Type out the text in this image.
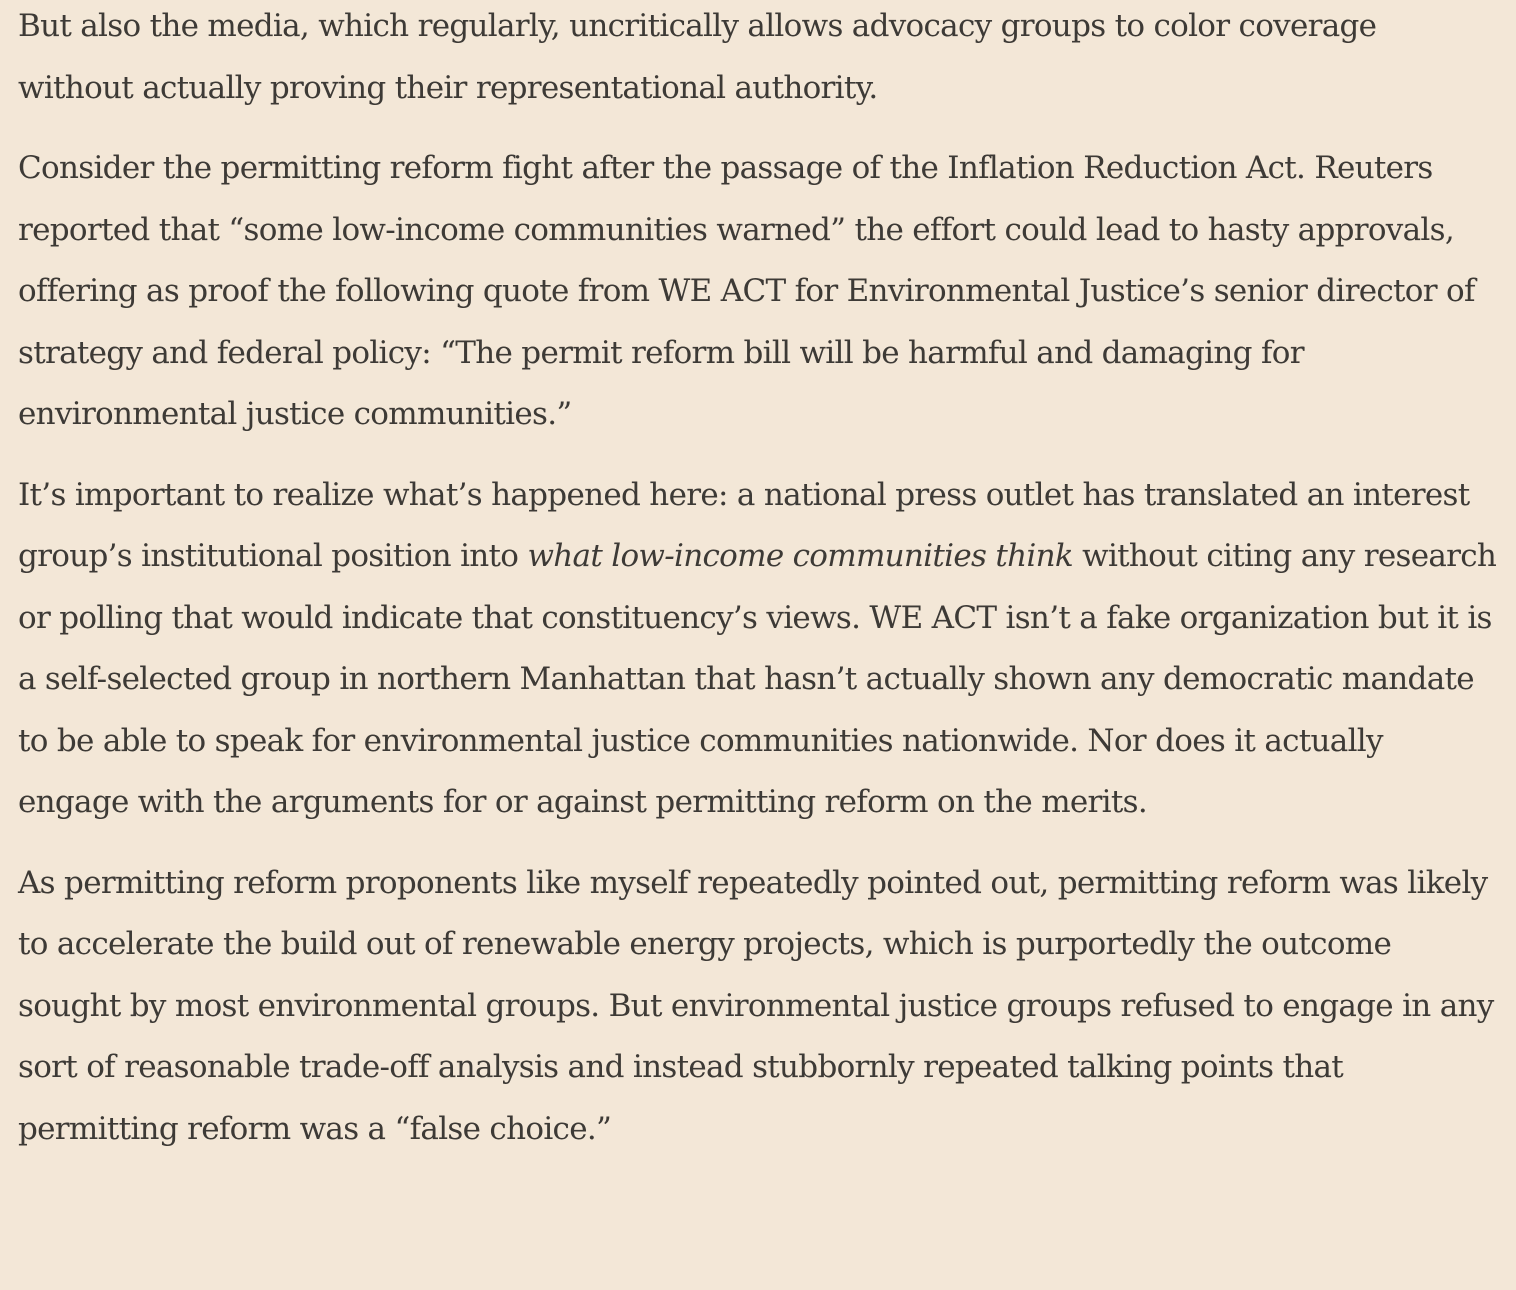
But also the media, which regularly, uncritically allows advocacy groups to color coverage without actually proving their representational authority.

Consider the permitting reform fight after the passage of the Inflation Reduction Act. Reuters reported that “some low-income communities warned” the effort could lead to hasty approvals, offering as proof the following quote from WE ACT for Environmental Justice’s senior director of strategy and federal policy: “The permit reform bill will be harmful and damaging for environmental justice communities.”

It’s important to realize what’s happened here: a national press outlet has translated an interest group’s institutional position into what low-income communities think without citing any research or polling that would indicate that constituency’s views. WE ACT isn’t a fake organization but it is a self-selected group in northern Manhattan that hasn’t actually shown any democratic mandate to be able to speak for environmental justice communities nationwide. Nor does it actually engage with the arguments for or against permitting reform on the merits.

As permitting reform proponents like myself repeatedly pointed out, permitting reform was likely to accelerate the build out of renewable energy projects, which is purportedly the outcome sought by most environmental groups. But environmental justice groups refused to engage in any sort of reasonable trade-off analysis and instead stubbornly repeated talking points that permitting reform was a “false choice.”
